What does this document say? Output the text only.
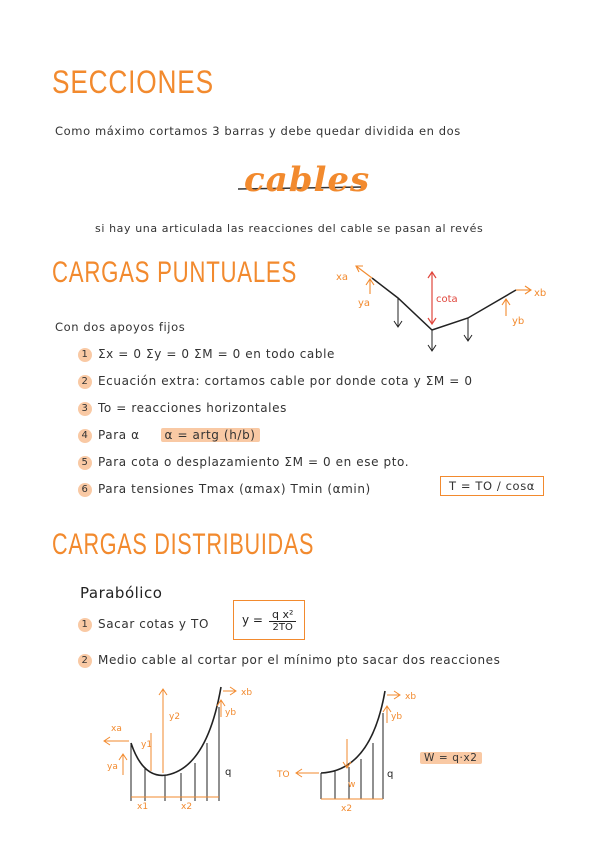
SECCIONES
Como máximo cortamos 3 barras y debe quedar dividida en dos
cables
si hay una articulada las reacciones del cable se pasan al revés
CARGAS PUNTUALES
cota
xa
ya
xb
yb
Con dos apoyos fijos
1 Σx = 0 Σy = 0 ΣM = 0 en todo cable
2 Ecuación extra: cortamos cable por donde cota y ΣM = 0
3 To = reacciones horizontales
4 Para α α = artg (h/b)
5 Para cota o desplazamiento ΣM = 0 en ese pto.
6 Para tensiones Tmax (αmax) Tmin (αmin)	T = TO / cosα
CARGAS DISTRIBUIDAS
Parabólico
1 Sacar cotas y TO	$y = \frac{\text{q x²}}{2TO}$
2 Medio cable al cortar por el mínimo pto sacar dos reacciones
q
x1	x2
y1
y2
xa
ya
xb
yb
q
TO
w
x2
xb
yb
W = q·x2
